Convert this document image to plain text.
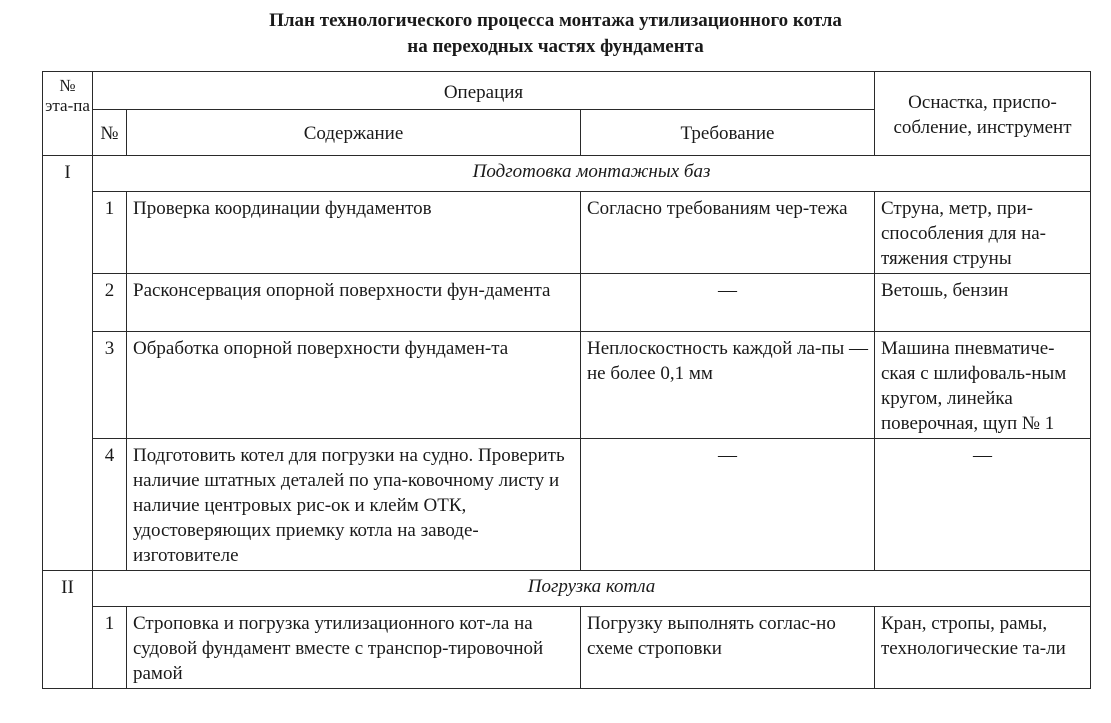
План технологического процесса монтажа утилизационного котла
на переходных частях фундамента
№ эта-па	Операция			Оснастка, приспо-собление, инструмент
	№	Содержание	Требование	
I	Подготовка монтажных баз			
	1	Проверка координации фундаментов	Согласно требованиям чер-тежа	Струна, метр, при-способления для на-тяжения струны
	2	Расконсервация опорной поверхности фун-дамента	—	Ветошь, бензин
	3	Обработка опорной поверхности фундамен-та	Неплоскостность каждой ла-пы — не более 0,1 мм	Машина пневматиче-ская с шлифоваль-ным кругом, линейка поверочная, щуп № 1
	4	Подготовить котел для погрузки на судно. Проверить наличие штатных деталей по упа-ковочному листу и наличие центровых рис-ок и клейм ОТК, удостоверяющих приемку котла на заводе-изготовителе	—	—
II	Погрузка котла			
	1	Строповка и погрузка утилизационного кот-ла на судовой фундамент вместе с транспор-тировочной рамой	Погрузку выполнять соглас-но схеме строповки	Кран, стропы, рамы, технологические та-ли
